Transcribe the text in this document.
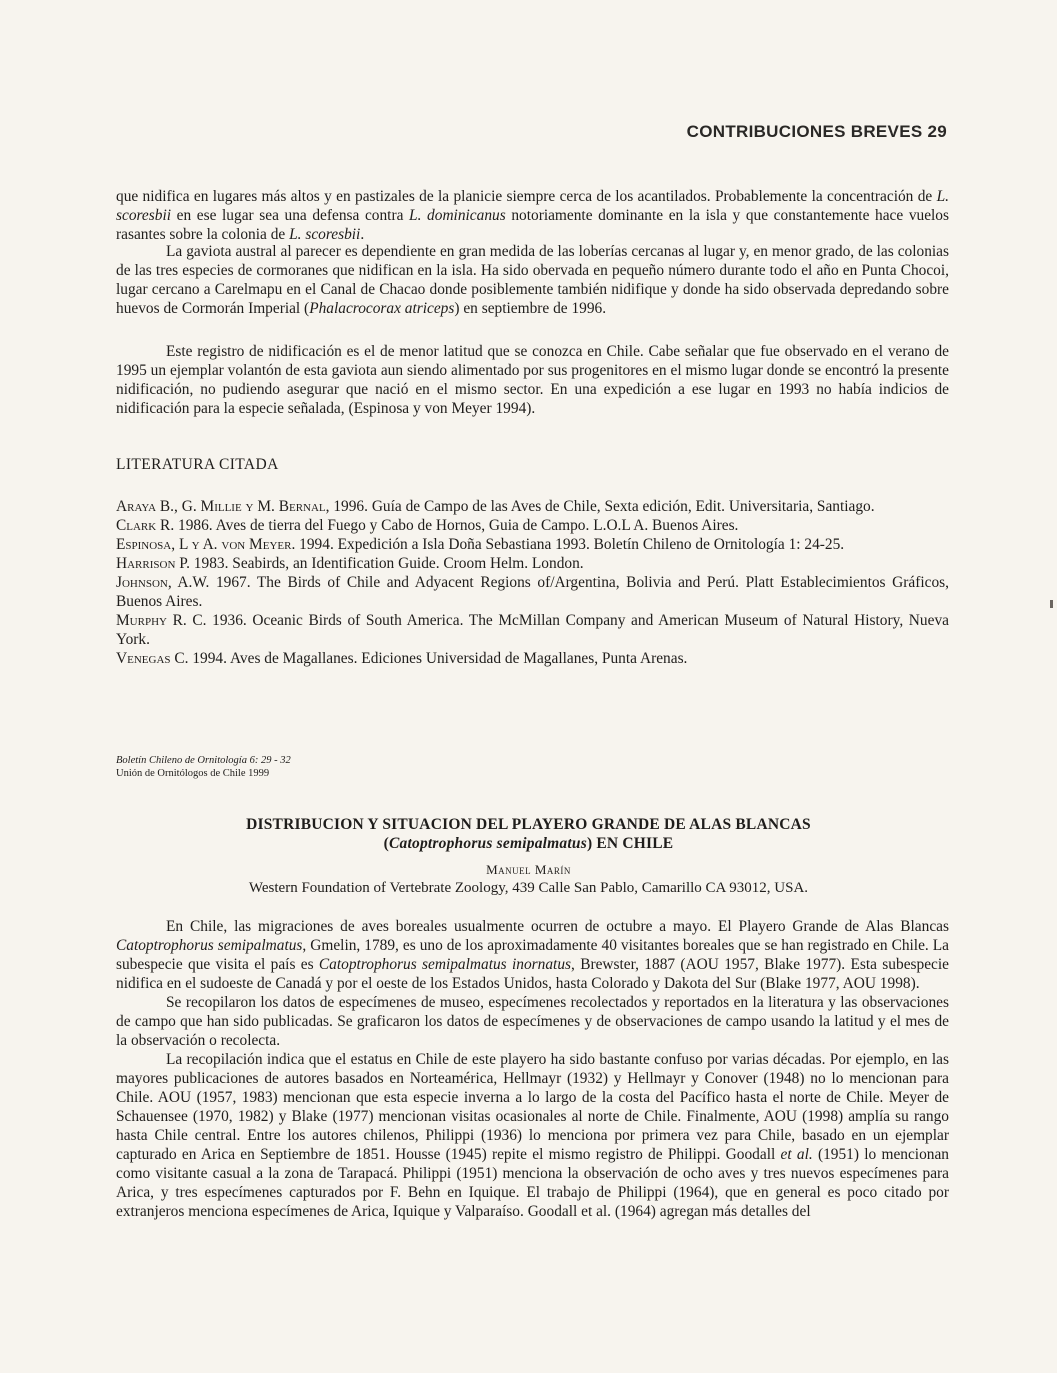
CONTRIBUCIONES BREVES 29

que nidifica en lugares más altos y en pastizales de la planicie siempre cerca de los acantilados. Probablemente la concentración de L. scoresbii en ese lugar sea una defensa contra L. dominicanus notoriamente dominante en la isla y que constantemente hace vuelos rasantes sobre la colonia de L. scoresbii.

La gaviota austral al parecer es dependiente en gran medida de las loberías cercanas al lugar y, en menor grado, de las colonias de las tres especies de cormoranes que nidifican en la isla. Ha sido obervada en pequeño número durante todo el año en Punta Chocoi, lugar cercano a Carelmapu en el Canal de Chacao donde posiblemente también nidifique y donde ha sido observada depredando sobre huevos de Cormorán Imperial (Phalacrocorax atriceps) en septiembre de 1996.

Este registro de nidificación es el de menor latitud que se conozca en Chile. Cabe señalar que fue observado en el verano de 1995 un ejemplar volantón de esta gaviota aun siendo alimentado por sus progenitores en el mismo lugar donde se encontró la presente nidificación, no pudiendo asegurar que nació en el mismo sector. En una expedición a ese lugar en 1993 no había indicios de nidificación para la especie señalada, (Espinosa y von Meyer 1994).

LITERATURA CITADA

Araya B., G. Millie y M. Bernal, 1996. Guía de Campo de las Aves de Chile, Sexta edición, Edit. Universitaria, Santiago.

Clark R. 1986. Aves de tierra del Fuego y Cabo de Hornos, Guia de Campo. L.O.L A. Buenos Aires.

Espinosa, L y A. von Meyer. 1994. Expedición a Isla Doña Sebastiana 1993. Boletín Chileno de Ornitología 1: 24-25.

Harrison P. 1983. Seabirds, an Identification Guide. Croom Helm. London.

Johnson, A.W. 1967. The Birds of Chile and Adyacent Regions of/Argentina, Bolivia and Perú. Platt Establecimientos Gráficos, Buenos Aires.

Murphy R. C. 1936. Oceanic Birds of South America. The McMillan Company and American Museum of Natural History, Nueva York.

Venegas C. 1994. Aves de Magallanes. Ediciones Universidad de Magallanes, Punta Arenas.

Boletín Chileno de Ornitología 6: 29 - 32
Unión de Ornitólogos de Chile 1999
DISTRIBUCION Y SITUACION DEL PLAYERO GRANDE DE ALAS BLANCAS
(Catoptrophorus semipalmatus) EN CHILE
Manuel Marín
Western Foundation of Vertebrate Zoology, 439 Calle San Pablo, Camarillo CA 93012, USA.

En Chile, las migraciones de aves boreales usualmente ocurren de octubre a mayo. El Playero Grande de Alas Blancas Catoptrophorus semipalmatus, Gmelin, 1789, es uno de los aproximadamente 40 visitantes boreales que se han registrado en Chile. La subespecie que visita el país es Catoptrophorus semipalmatus inornatus, Brewster, 1887 (AOU 1957, Blake 1977). Esta subespecie nidifica en el sudoeste de Canadá y por el oeste de los Estados Unidos, hasta Colorado y Dakota del Sur (Blake 1977, AOU 1998).

Se recopilaron los datos de especímenes de museo, especímenes recolectados y reportados en la literatura y las observaciones de campo que han sido publicadas. Se graficaron los datos de especímenes y de observaciones de campo usando la latitud y el mes de la observación o recolecta.

La recopilación indica que el estatus en Chile de este playero ha sido bastante confuso por varias décadas. Por ejemplo, en las mayores publicaciones de autores basados en Norteamérica, Hellmayr (1932) y Hellmayr y Conover (1948) no lo mencionan para Chile. AOU (1957, 1983) mencionan que esta especie inverna a lo largo de la costa del Pacífico hasta el norte de Chile. Meyer de Schauensee (1970, 1982) y Blake (1977) mencionan visitas ocasionales al norte de Chile. Finalmente, AOU (1998) amplía su rango hasta Chile central. Entre los autores chilenos, Philippi (1936) lo menciona por primera vez para Chile, basado en un ejemplar capturado en Arica en Septiembre de 1851. Housse (1945) repite el mismo registro de Philippi. Goodall et al. (1951) lo mencionan como visitante casual a la zona de Tarapacá. Philippi (1951) menciona la observación de ocho aves y tres nuevos especímenes para Arica, y tres especímenes capturados por F. Behn en Iquique. El trabajo de Philippi (1964), que en general es poco citado por extranjeros menciona especímenes de Arica, Iquique y Valparaíso. Goodall et al. (1964) agregan más detalles del
